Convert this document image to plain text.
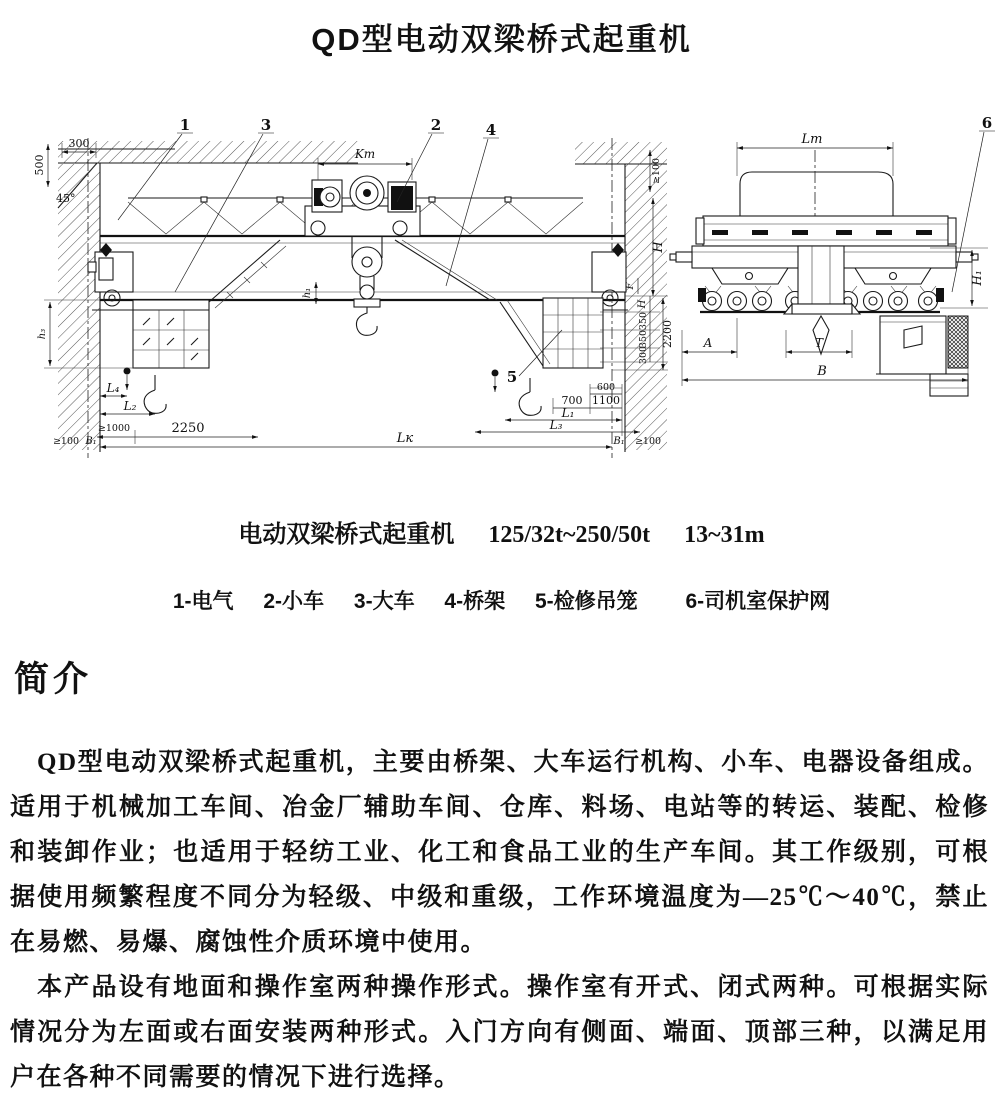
QD型电动双梁桥式起重机
500
300
45°
Kт
h₁
h₃
L₄
L₂
≥1000	2250
Lк
≥100 B₁	B₁ ≥100
600
700 1100
L₁
L₃
≥100
H
F
H
350
350
300
2200
1	3	2	4
5
Lт
6
H₁
A	T
B
电动双梁桥式起重机 125/32t~250/50t 13~31m
1-电气 2-小车 3-大车 4-桥架 5-检修吊笼 6-司机室保护网
简介

QD型电动双梁桥式起重机，主要由桥架、大车运行机构、小车、电器设备组成。适用于机械加工车间、冶金厂辅助车间、仓库、料场、电站等的转运、装配、检修和装卸作业；也适用于轻纺工业、化工和食品工业的生产车间。其工作级别，可根据使用频繁程度不同分为轻级、中级和重级，工作环境温度为—25℃～40℃，禁止在易燃、易爆、腐蚀性介质环境中使用。

本产品设有地面和操作室两种操作形式。操作室有开式、闭式两种。可根据实际情况分为左面或右面安装两种形式。入门方向有侧面、端面、顶部三种，以满足用户在各种不同需要的情况下进行选择。
